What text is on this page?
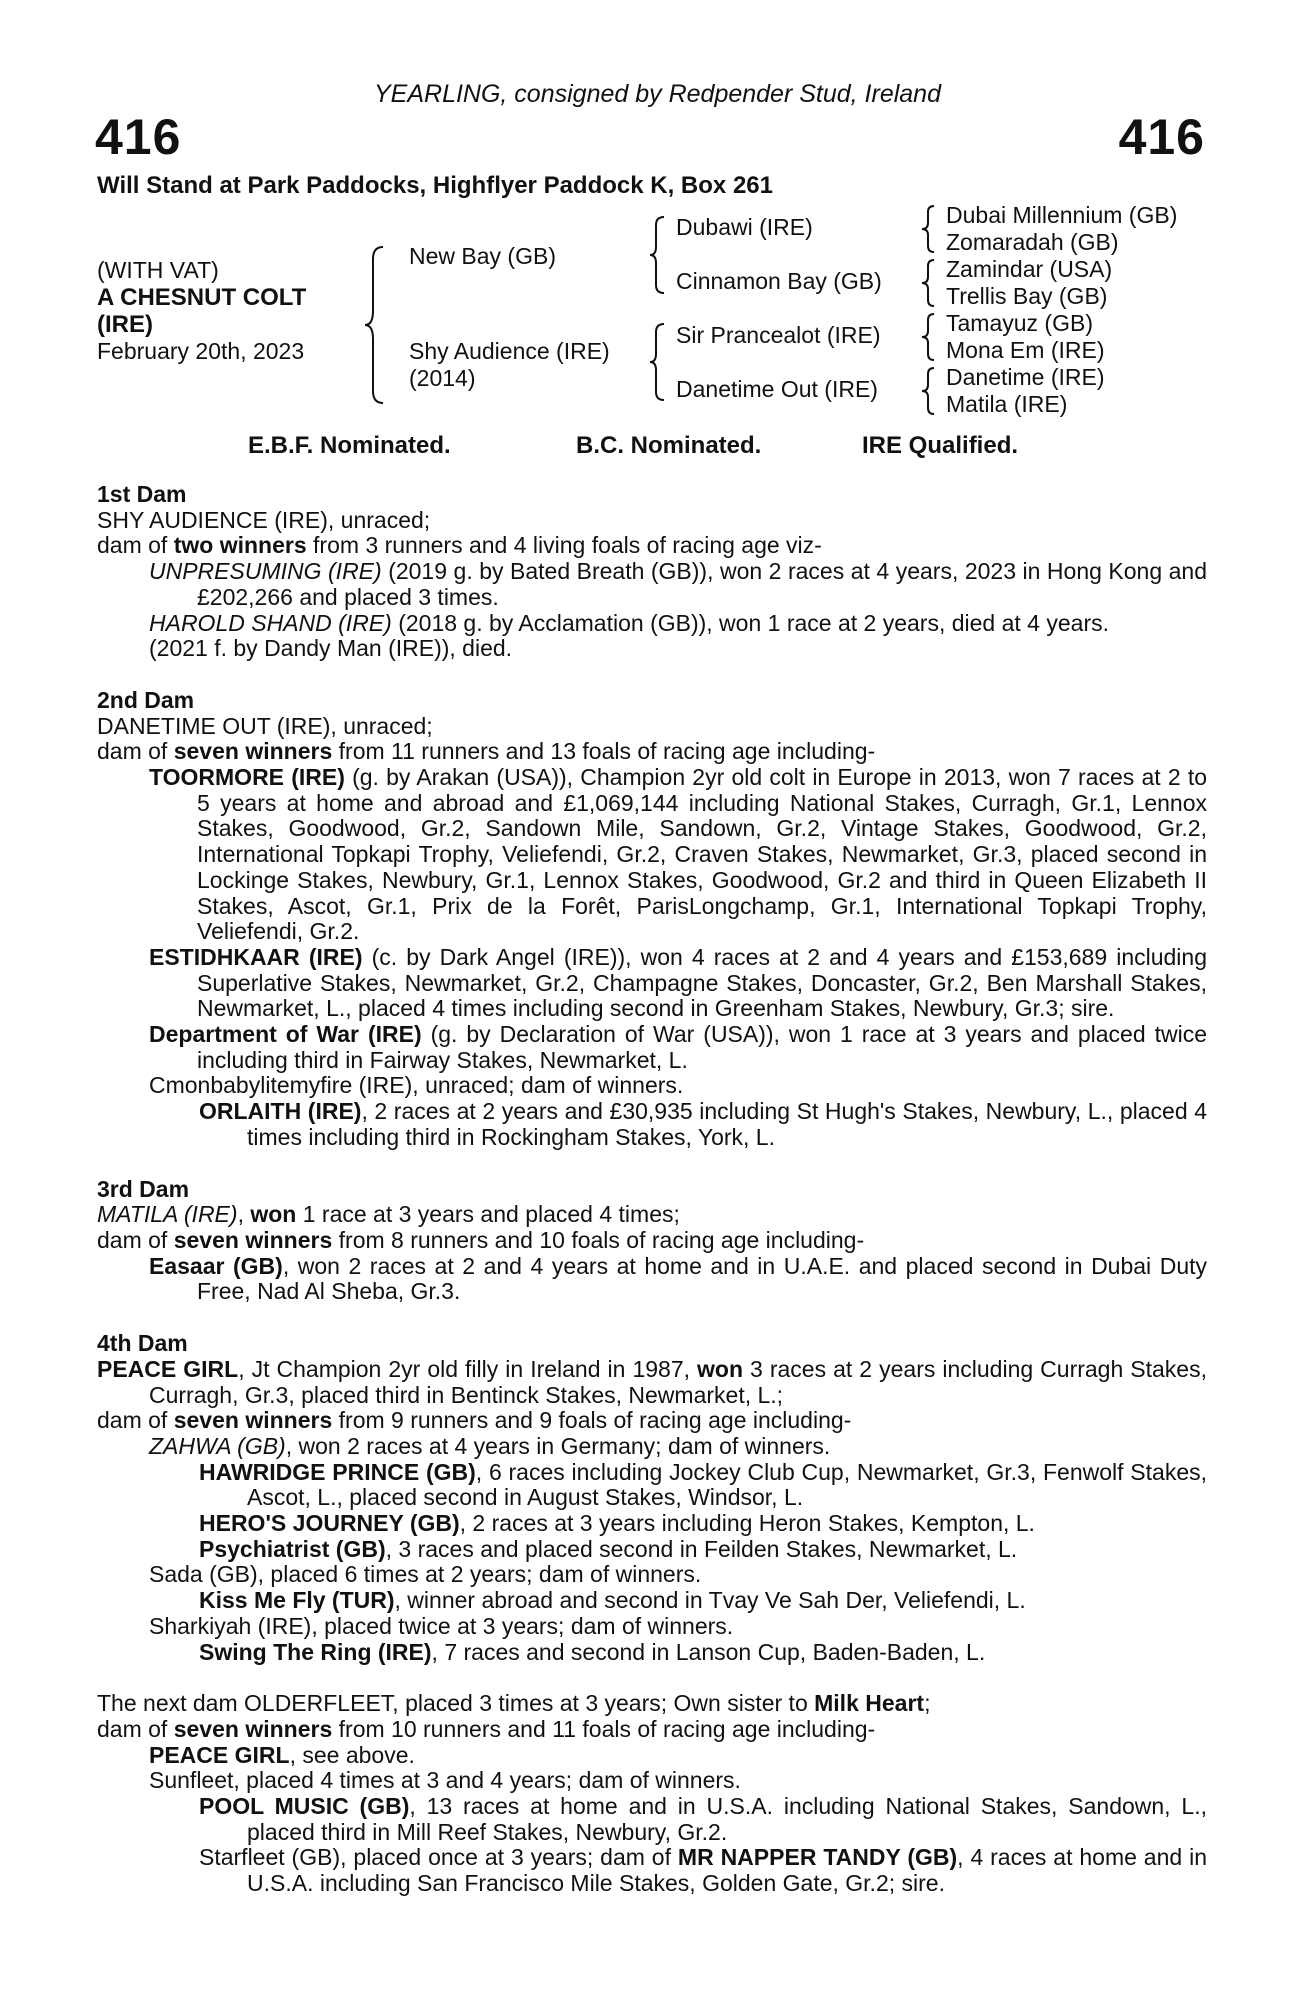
YEARLING, consigned by Redpender Stud, Ireland
416	416
Will Stand at Park Paddocks, Highflyer Paddock K, Box 261
(WITH VAT)
A CHESNUT COLT
(IRE)
February 20th, 2023
New Bay (GB)
Shy Audience (IRE)
(2014)
Dubawi (IRE)
Cinnamon Bay (GB)
Sir Prancealot (IRE)
Danetime Out (IRE)
Dubai Millennium (GB)
Zomaradah (GB)
Zamindar (USA)
Trellis Bay (GB)
Tamayuz (GB)
Mona Em (IRE)
Danetime (IRE)
Matila (IRE)
E.B.F. Nominated.	B.C. Nominated.	IRE Qualified.

1st Dam

SHY AUDIENCE (IRE), unraced;

dam of two winners from 3 runners and 4 living foals of racing age viz-

UNPRESUMING (IRE) (2019 g. by Bated Breath (GB)), won 2 races at 4 years, 2023 in Hong Kong and £202,266 and placed 3 times.

HAROLD SHAND (IRE) (2018 g. by Acclamation (GB)), won 1 race at 2 years, died at 4 years.

(2021 f. by Dandy Man (IRE)), died.

2nd Dam

DANETIME OUT (IRE), unraced;

dam of seven winners from 11 runners and 13 foals of racing age including-

TOORMORE (IRE) (g. by Arakan (USA)), Champion 2yr old colt in Europe in 2013, won 7 races at 2 to 5 years at home and abroad and £1,069,144 including National Stakes, Curragh, Gr.1, Lennox Stakes, Goodwood, Gr.2, Sandown Mile, Sandown, Gr.2, Vintage Stakes, Goodwood, Gr.2, International Topkapi Trophy, Veliefendi, Gr.2, Craven Stakes, Newmarket, Gr.3, placed second in Lockinge Stakes, Newbury, Gr.1, Lennox Stakes, Goodwood, Gr.2 and third in Queen Elizabeth II Stakes, Ascot, Gr.1, Prix de la Forêt, ParisLongchamp, Gr.1, International Topkapi Trophy, Veliefendi, Gr.2.

ESTIDHKAAR (IRE) (c. by Dark Angel (IRE)), won 4 races at 2 and 4 years and £153,689 including Superlative Stakes, Newmarket, Gr.2, Champagne Stakes, Doncaster, Gr.2, Ben Marshall Stakes, Newmarket, L., placed 4 times including second in Greenham Stakes, Newbury, Gr.3; sire.

Department of War (IRE) (g. by Declaration of War (USA)), won 1 race at 3 years and placed twice including third in Fairway Stakes, Newmarket, L.

Cmonbabylitemyfire (IRE), unraced; dam of winners.

ORLAITH (IRE), 2 races at 2 years and £30,935 including St Hugh's Stakes, Newbury, L., placed 4 times including third in Rockingham Stakes, York, L.

3rd Dam

MATILA (IRE), won 1 race at 3 years and placed 4 times;

dam of seven winners from 8 runners and 10 foals of racing age including-

Easaar (GB), won 2 races at 2 and 4 years at home and in U.A.E. and placed second in Dubai Duty Free, Nad Al Sheba, Gr.3.

4th Dam

PEACE GIRL, Jt Champion 2yr old filly in Ireland in 1987, won 3 races at 2 years including Curragh Stakes, Curragh, Gr.3, placed third in Bentinck Stakes, Newmarket, L.;

dam of seven winners from 9 runners and 9 foals of racing age including-

ZAHWA (GB), won 2 races at 4 years in Germany; dam of winners.

HAWRIDGE PRINCE (GB), 6 races including Jockey Club Cup, Newmarket, Gr.3, Fenwolf Stakes, Ascot, L., placed second in August Stakes, Windsor, L.

HERO'S JOURNEY (GB), 2 races at 3 years including Heron Stakes, Kempton, L.

Psychiatrist (GB), 3 races and placed second in Feilden Stakes, Newmarket, L.

Sada (GB), placed 6 times at 2 years; dam of winners.

Kiss Me Fly (TUR), winner abroad and second in Tvay Ve Sah Der, Veliefendi, L.

Sharkiyah (IRE), placed twice at 3 years; dam of winners.

Swing The Ring (IRE), 7 races and second in Lanson Cup, Baden-Baden, L.

The next dam OLDERFLEET, placed 3 times at 3 years; Own sister to Milk Heart;

dam of seven winners from 10 runners and 11 foals of racing age including-

PEACE GIRL, see above.

Sunfleet, placed 4 times at 3 and 4 years; dam of winners.

POOL MUSIC (GB), 13 races at home and in U.S.A. including National Stakes, Sandown, L., placed third in Mill Reef Stakes, Newbury, Gr.2.

Starfleet (GB), placed once at 3 years; dam of MR NAPPER TANDY (GB), 4 races at home and in U.S.A. including San Francisco Mile Stakes, Golden Gate, Gr.2; sire.
